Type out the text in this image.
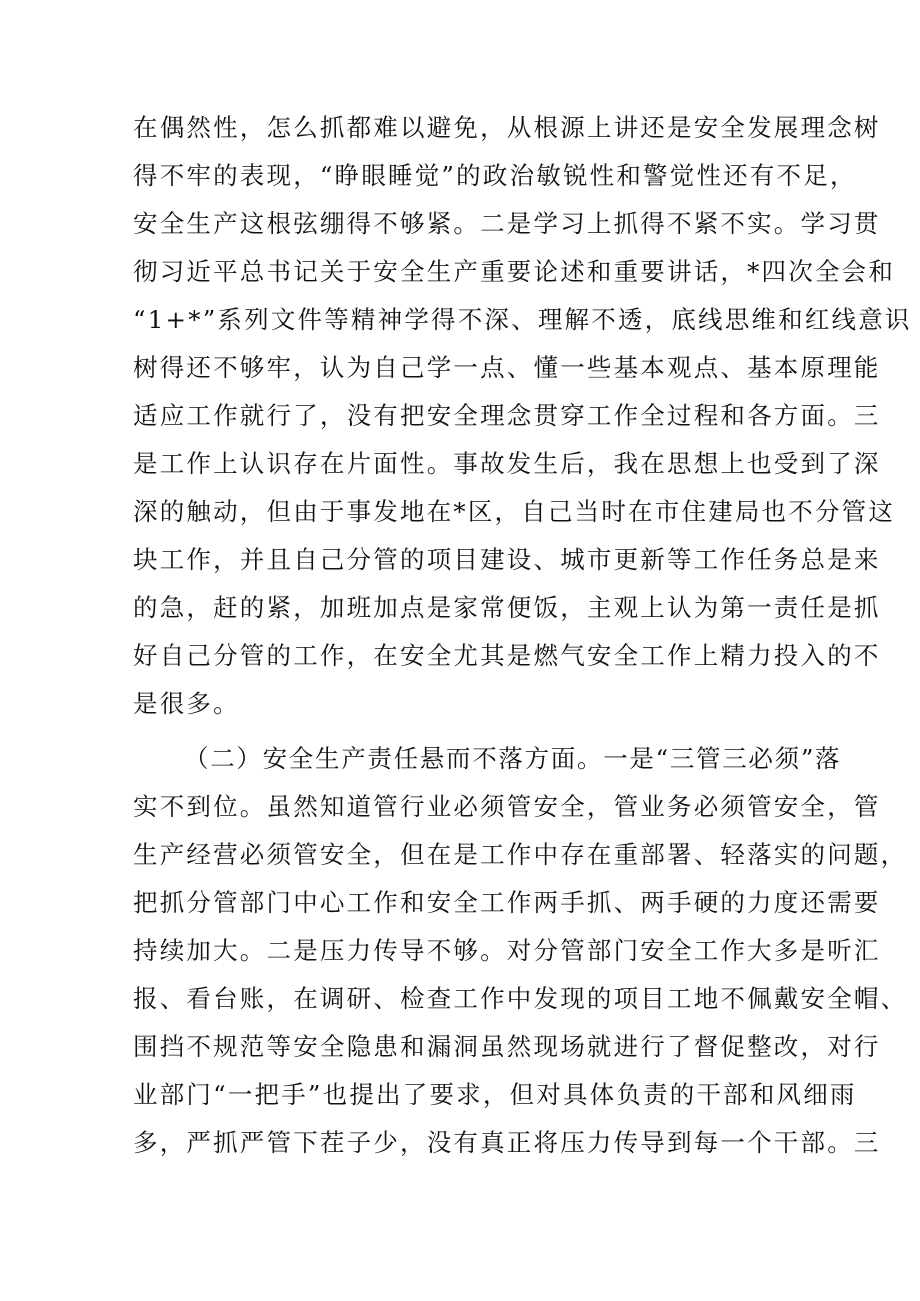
在偶然性，怎么抓都难以避免，从根源上讲还是安全发展理念树
得不牢的表现，“睁眼睡觉”的政治敏锐性和警觉性还有不足，
安全生产这根弦绷得不够紧。二是学习上抓得不紧不实。学习贯
彻习近平总书记关于安全生产重要论述和重要讲话，*四次全会和
“1+*”系列文件等精神学得不深、理解不透，底线思维和红线意识
树得还不够牢，认为自己学一点、懂一些基本观点、基本原理能
适应工作就行了，没有把安全理念贯穿工作全过程和各方面。三
是工作上认识存在片面性。事故发生后，我在思想上也受到了深
深的触动，但由于事发地在*区，自己当时在市住建局也不分管这
块工作，并且自己分管的项目建设、城市更新等工作任务总是来
的急，赶的紧，加班加点是家常便饭，主观上认为第一责任是抓
好自己分管的工作，在安全尤其是燃气安全工作上精力投入的不
是很多。
（二）安全生产责任悬而不落方面。一是“三管三必须”落
实不到位。虽然知道管行业必须管安全，管业务必须管安全，管
生产经营必须管安全，但在是工作中存在重部署、轻落实的问题，
把抓分管部门中心工作和安全工作两手抓、两手硬的力度还需要
持续加大。二是压力传导不够。对分管部门安全工作大多是听汇
报、看台账，在调研、检查工作中发现的项目工地不佩戴安全帽、
围挡不规范等安全隐患和漏洞虽然现场就进行了督促整改，对行
业部门“一把手”也提出了要求，但对具体负责的干部和风细雨
多，严抓严管下茬子少，没有真正将压力传导到每一个干部。三
